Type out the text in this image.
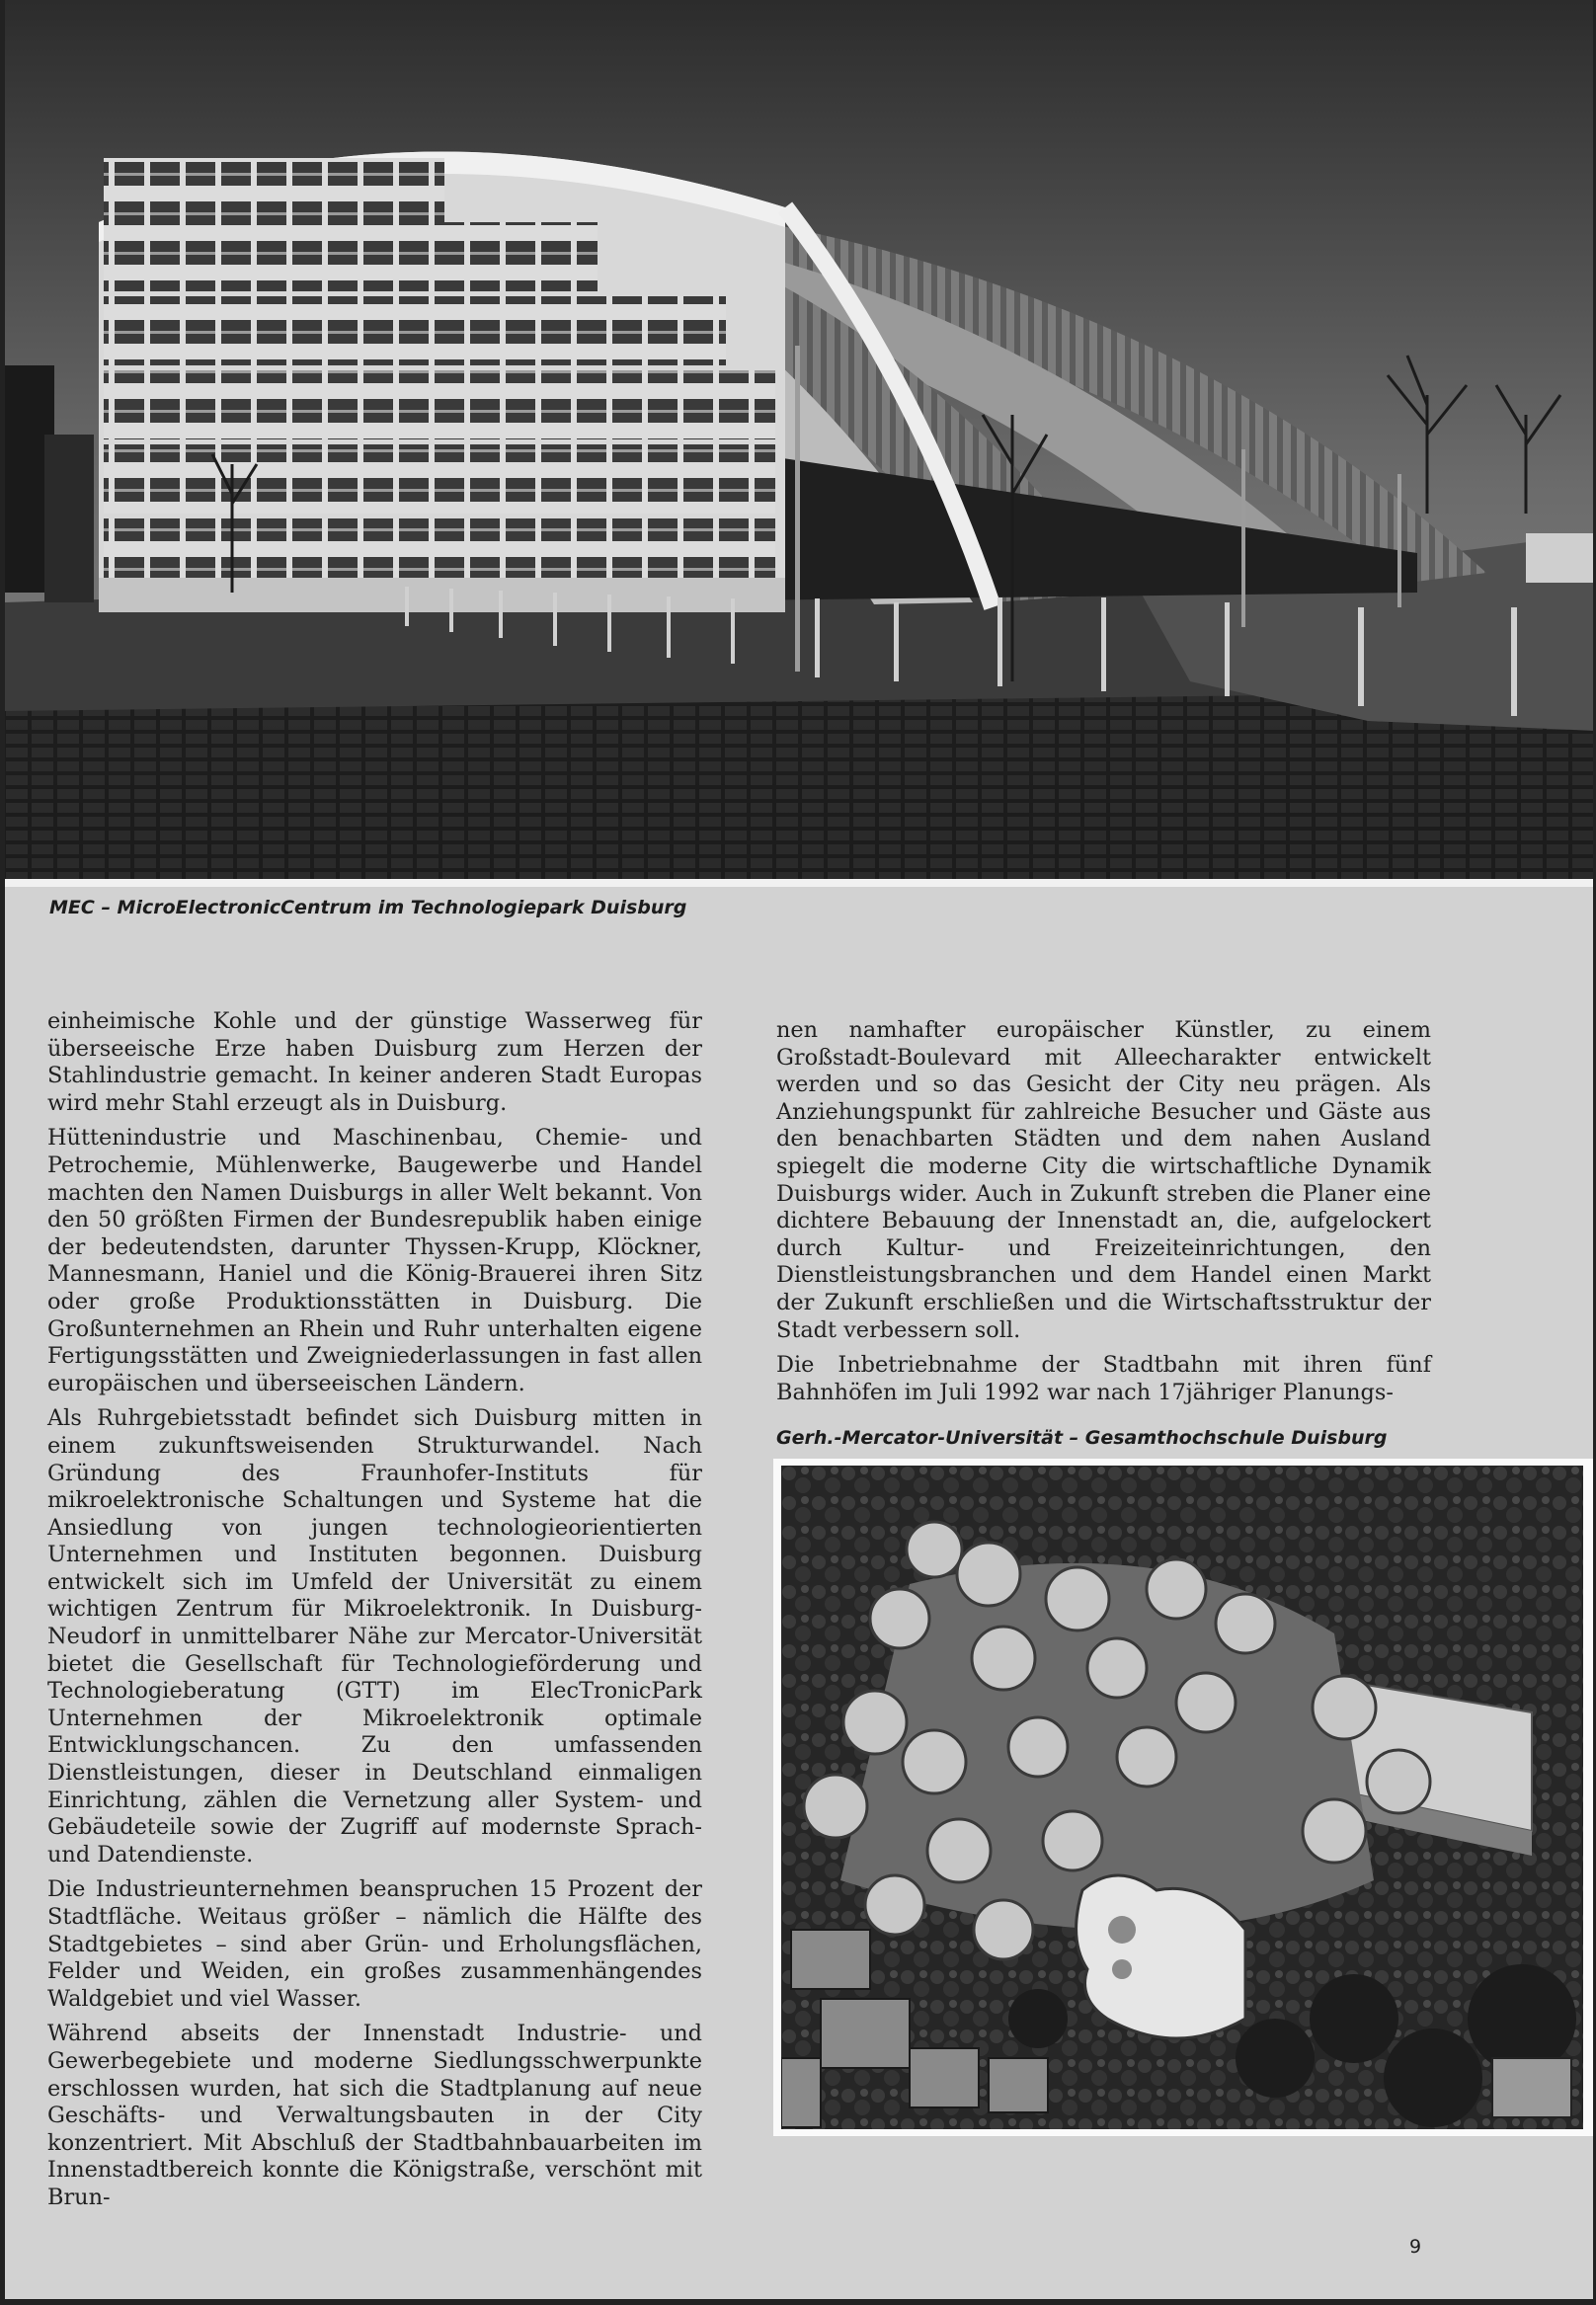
MEC – MicroElectronicCentrum im Technologiepark Duisburg

einheimische Kohle und der günstige Wasserweg für überseeische Erze haben Duisburg zum Herzen der Stahlindustrie gemacht. In keiner anderen Stadt Europas wird mehr Stahl erzeugt als in Duisburg.

Hüttenindustrie und Maschinenbau, Chemie- und Petrochemie, Mühlenwerke, Baugewerbe und Handel machten den Namen Duisburgs in aller Welt bekannt. Von den 50 größten Firmen der Bundesrepublik haben einige der bedeutendsten, darunter Thyssen-Krupp, Klöckner, Mannesmann, Haniel und die König-Brauerei ihren Sitz oder große Produktionsstätten in Duisburg. Die Großunternehmen an Rhein und Ruhr unterhalten eigene Fertigungsstätten und Zweigniederlassungen in fast allen europäischen und überseeischen Ländern.

Als Ruhrgebietsstadt befindet sich Duisburg mitten in einem zukunftsweisenden Strukturwandel. Nach Gründung des Fraunhofer-Instituts für mikroelektronische Schaltungen und Systeme hat die Ansiedlung von jungen technologieorientierten Unternehmen und Instituten begonnen. Duisburg entwickelt sich im Umfeld der Universität zu einem wichtigen Zentrum für Mikroelektronik. In Duisburg-Neudorf in unmittelbarer Nähe zur Mercator-Universität bietet die Gesellschaft für Technologieförderung und Technologieberatung (GTT) im ElecTronicPark Unternehmen der Mikroelektronik optimale Entwicklungschancen. Zu den umfassenden Dienstleistungen, dieser in Deutschland einmaligen Einrichtung, zählen die Vernetzung aller System- und Gebäudeteile sowie der Zugriff auf modernste Sprach- und Datendienste.

Die Industrieunternehmen beanspruchen 15 Prozent der Stadtfläche. Weitaus größer – nämlich die Hälfte des Stadtgebietes – sind aber Grün- und Erholungsflächen, Felder und Weiden, ein großes zusammenhängendes Waldgebiet und viel Wasser.

Während abseits der Innenstadt Industrie- und Gewerbegebiete und moderne Siedlungsschwerpunkte erschlossen wurden, hat sich die Stadtplanung auf neue Geschäfts- und Verwaltungsbauten in der City konzentriert. Mit Abschluß der Stadtbahnbauarbeiten im Innenstadtbereich konnte die Königstraße, verschönt mit Brun-

nen namhafter europäischer Künstler, zu einem Großstadt-Boulevard mit Alleecharakter entwickelt werden und so das Gesicht der City neu prägen. Als Anziehungspunkt für zahlreiche Besucher und Gäste aus den benachbarten Städten und dem nahen Ausland spiegelt die moderne City die wirtschaftliche Dynamik Duisburgs wider. Auch in Zukunft streben die Planer eine dichtere Bebauung der Innenstadt an, die, aufgelockert durch Kultur- und Freizeiteinrichtungen, den Dienstleistungsbranchen und dem Handel einen Markt der Zukunft erschließen und die Wirtschaftsstruktur der Stadt verbessern soll.

Die Inbetriebnahme der Stadtbahn mit ihren fünf Bahnhöfen im Juli 1992 war nach 17jähriger Planungs-

Gerh.-Mercator-Universität – Gesamthochschule Duisburg

9
